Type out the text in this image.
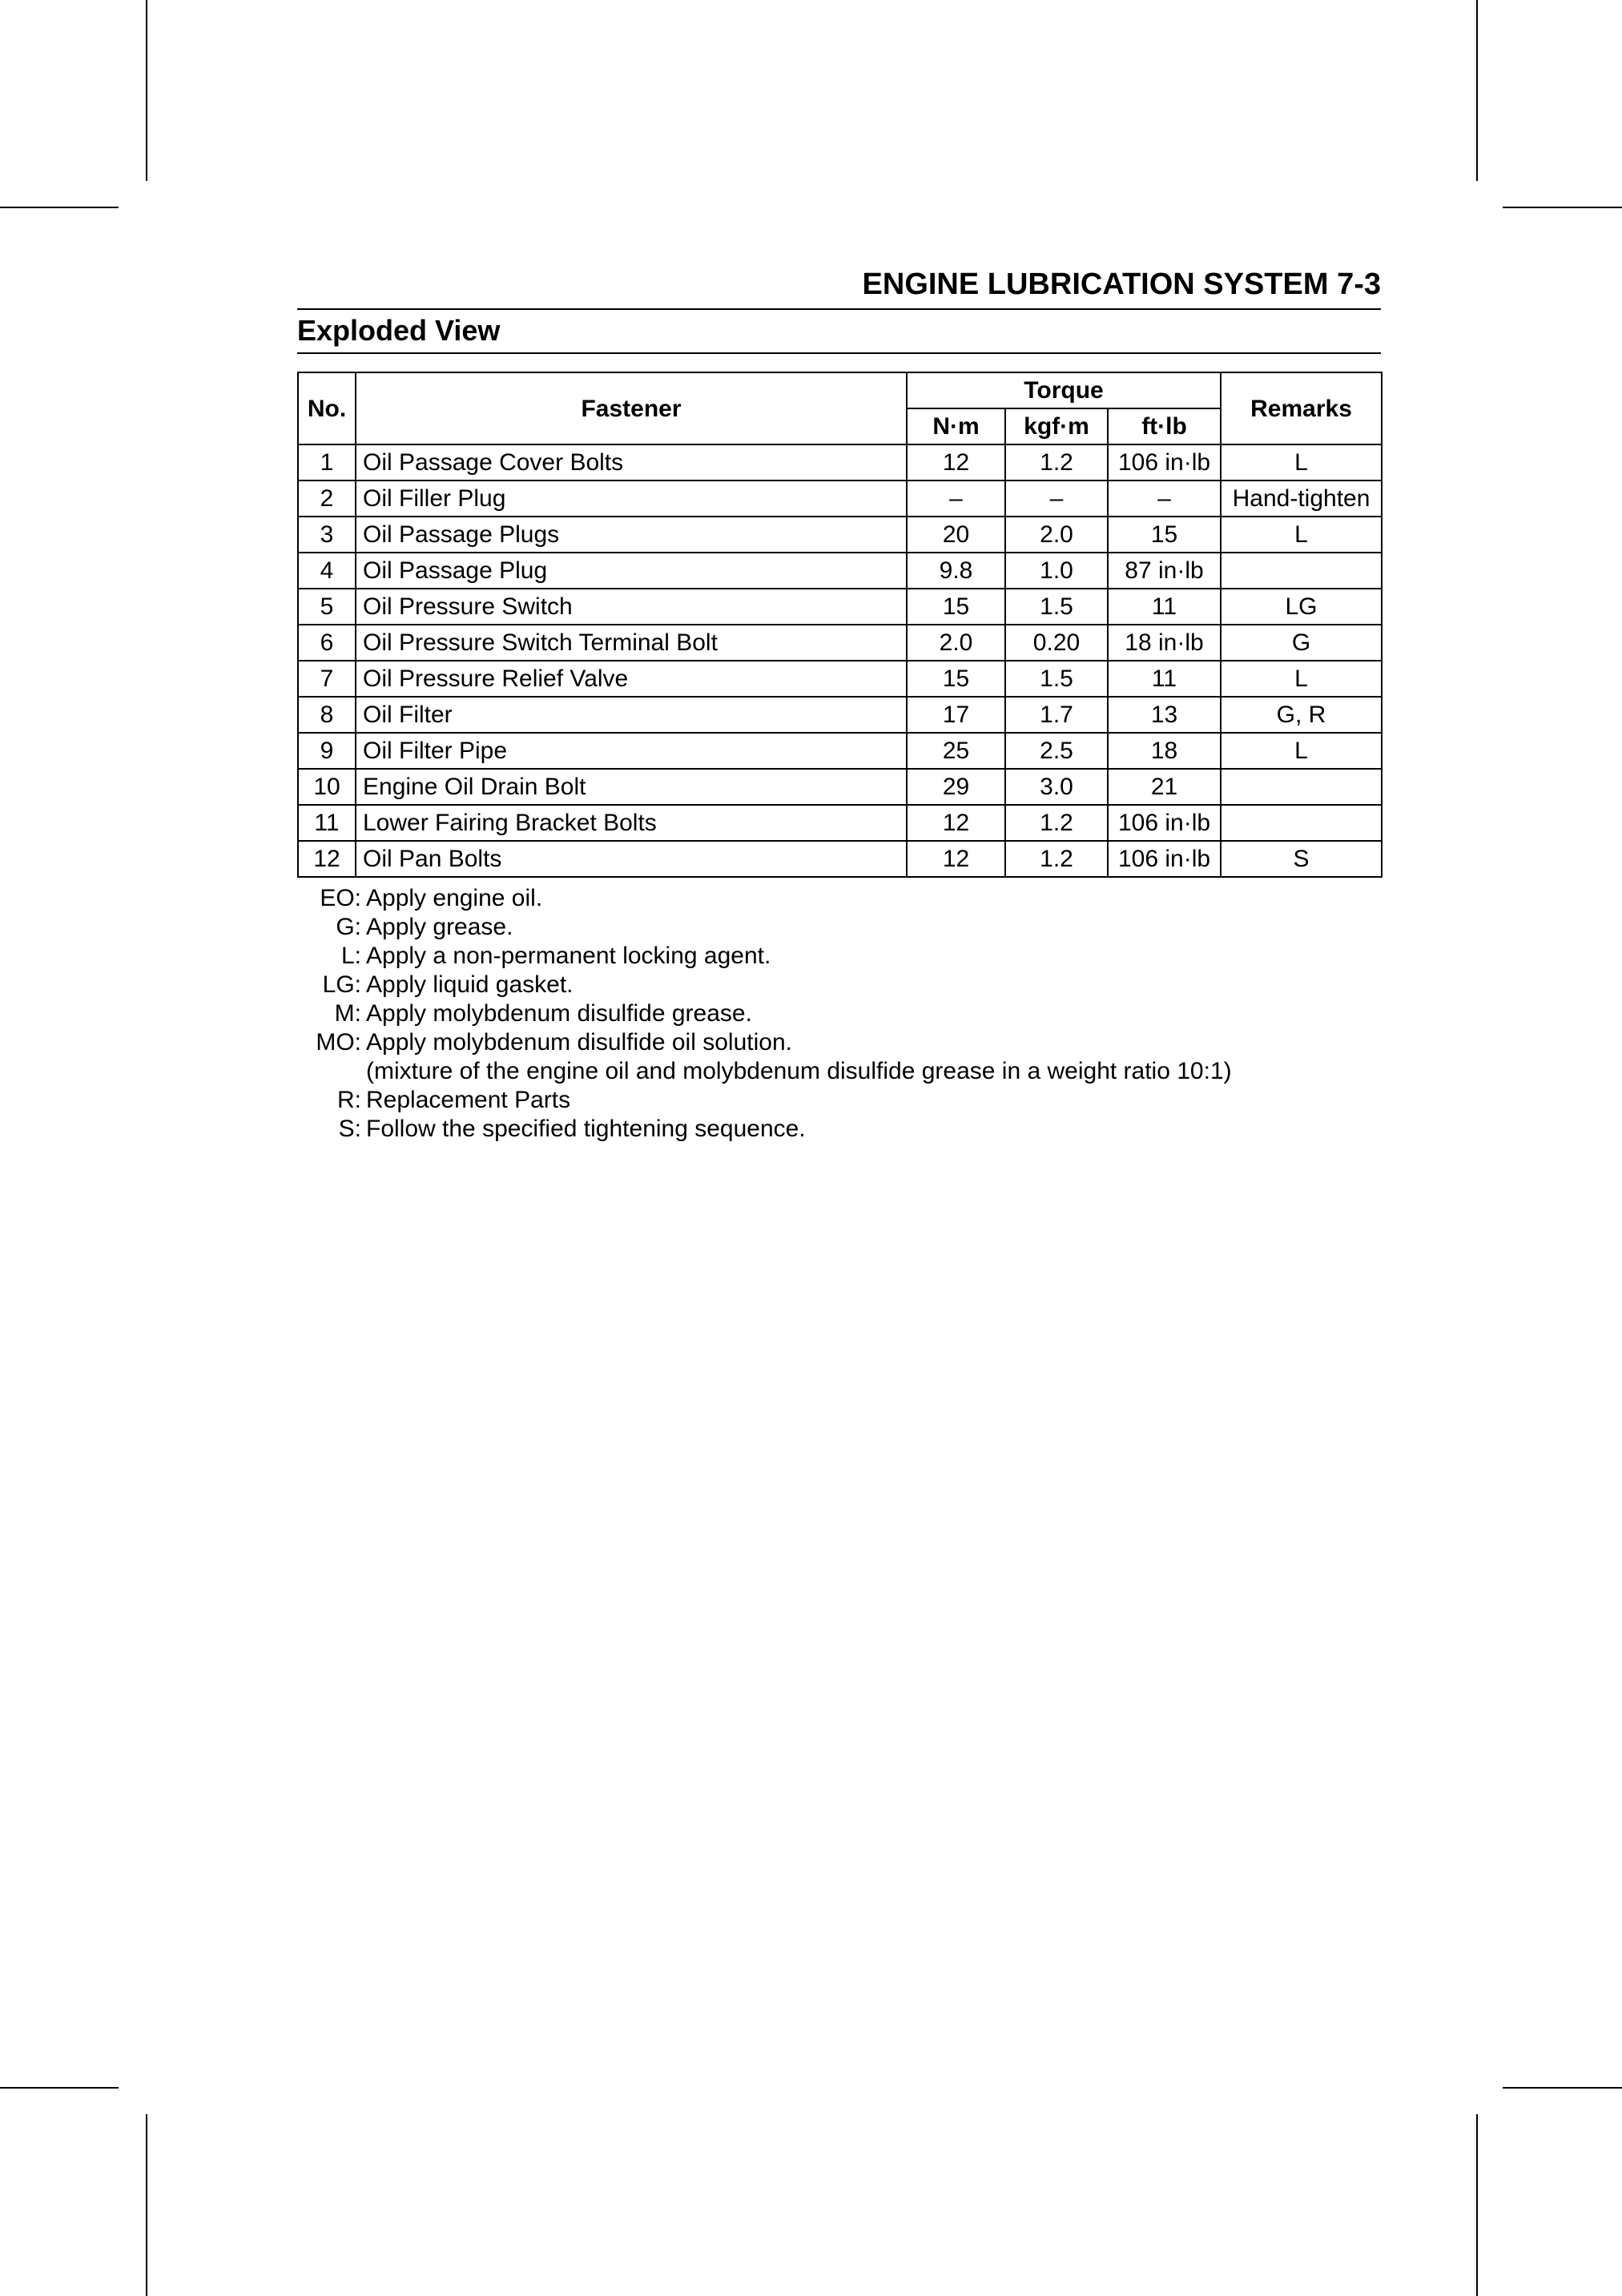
ENGINE LUBRICATION SYSTEM 7-3
Exploded View
No.	Fastener	Torque			Remarks
		N·m	kgf·m	ft·lb	
1	Oil Passage Cover Bolts	12	1.2	106 in·lb	L
2	Oil Filler Plug	–	–	–	Hand-tighten
3	Oil Passage Plugs	20	2.0	15	L
4	Oil Passage Plug	9.8	1.0	87 in·lb	
5	Oil Pressure Switch	15	1.5	11	LG
6	Oil Pressure Switch Terminal Bolt	2.0	0.20	18 in·lb	G
7	Oil Pressure Relief Valve	15	1.5	11	L
8	Oil Filter	17	1.7	13	G, R
9	Oil Filter Pipe	25	2.5	18	L
10	Engine Oil Drain Bolt	29	3.0	21	
11	Lower Fairing Bracket Bolts	12	1.2	106 in·lb	
12	Oil Pan Bolts	12	1.2	106 in·lb	S
EO: Apply engine oil.
G: Apply grease.
L: Apply a non-permanent locking agent.
LG: Apply liquid gasket.
M: Apply molybdenum disulfide grease.
MO: Apply molybdenum disulfide oil solution.
(mixture of the engine oil and molybdenum disulfide grease in a weight ratio 10:1)
R: Replacement Parts
S: Follow the specified tightening sequence.
